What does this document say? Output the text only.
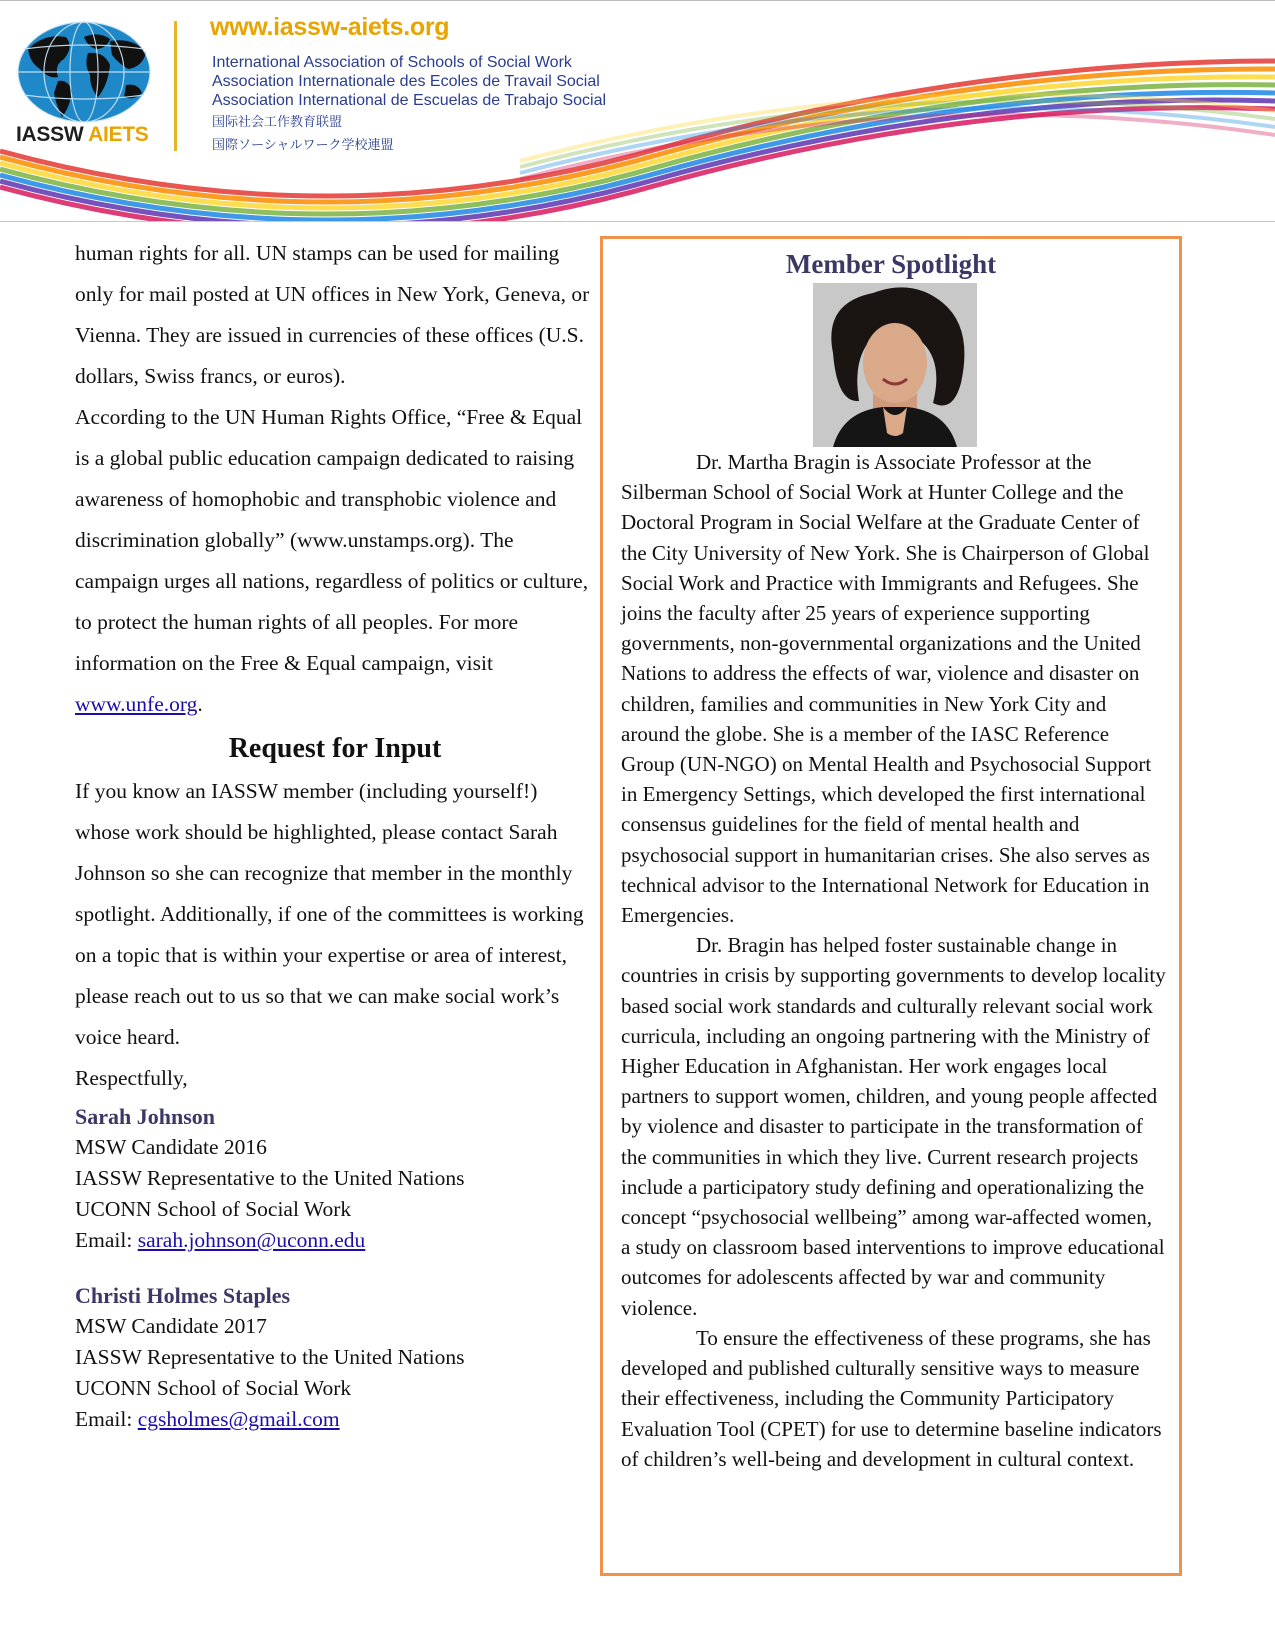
IASSW AIETS
www.iassw-aiets.org
International Association of Schools of Social Work
Association Internationale des Ecoles de Travail Social
Association International de Escuelas de Trabajo Social
国际社会工作教育联盟
国際ソーシャルワーク学校連盟

human rights for all. UN stamps can be used for mailing only for mail posted at UN offices in New York, Geneva, or Vienna. They are issued in currencies of these offices (U.S. dollars, Swiss francs, or euros).

According to the UN Human Rights Office, “Free & Equal is a global public education campaign dedicated to raising awareness of homophobic and transphobic violence and discrimination globally” (www.unstamps.org). The campaign urges all nations, regardless of politics or culture, to protect the human rights of all peoples. For more information on the Free & Equal campaign, visit www.unfe.org.

Request for Input

If you know an IASSW member (including yourself!) whose work should be highlighted, please contact Sarah Johnson so she can recognize that member in the monthly spotlight. Additionally, if one of the committees is working on a topic that is within your expertise or area of interest, please reach out to us so that we can make social work’s voice heard.

Respectfully,

Sarah Johnson
MSW Candidate 2016
IASSW Representative to the United Nations
UCONN School of Social Work
Email: sarah.johnson@uconn.edu
Christi Holmes Staples
MSW Candidate 2017
IASSW Representative to the United Nations
UCONN School of Social Work
Email: cgsholmes@gmail.com
Member Spotlight

Dr. Martha Bragin is Associate Professor at the Silberman School of Social Work at Hunter College and the Doctoral Program in Social Welfare at the Graduate Center of the City University of New York. She is Chairperson of Global Social Work and Practice with Immigrants and Refugees. She joins the faculty after 25 years of experience supporting governments, non-governmental organizations and the United Nations to address the effects of war, violence and disaster on children, families and communities in New York City and around the globe. She is a member of the IASC Reference Group (UN-NGO) on Mental Health and Psychosocial Support in Emergency Settings, which developed the first international consensus guidelines for the field of mental health and psychosocial support in humanitarian crises. She also serves as technical advisor to the International Network for Education in Emergencies.

Dr. Bragin has helped foster sustainable change in countries in crisis by supporting governments to develop locality based social work standards and culturally relevant social work curricula, including an ongoing partnering with the Ministry of Higher Education in Afghanistan. Her work engages local partners to support women, children, and young people affected by violence and disaster to participate in the transformation of the communities in which they live. Current research projects include a participatory study defining and operationalizing the concept “psychosocial wellbeing” among war-affected women, a study on classroom based interventions to improve educational outcomes for adolescents affected by war and community violence.

To ensure the effectiveness of these programs, she has developed and published culturally sensitive ways to measure their effectiveness, including the Community Participatory Evaluation Tool (CPET) for use to determine baseline indicators of children’s well-being and development in cultural context.
